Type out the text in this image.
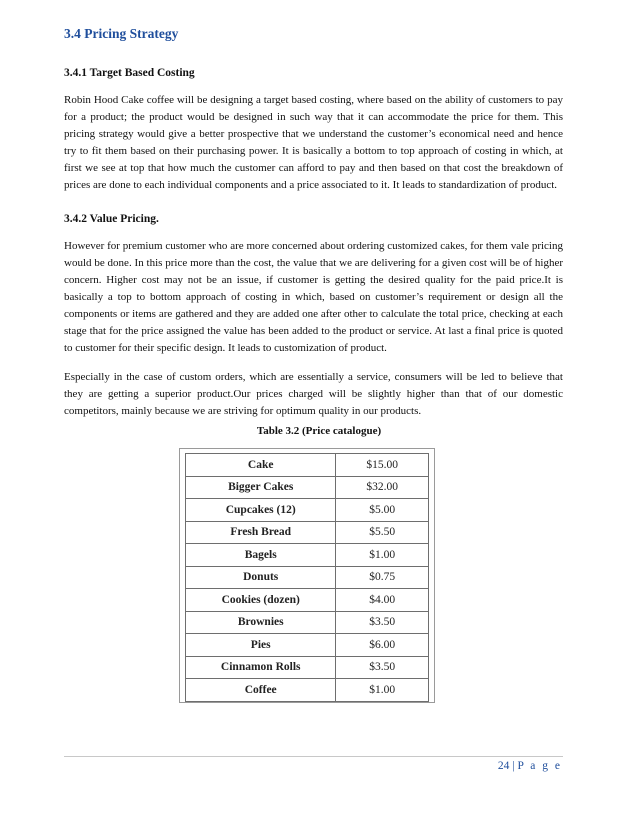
3.4 Pricing Strategy
3.4.1 Target Based Costing
Robin Hood Cake coffee will be designing a target based costing, where based on the ability of customers to pay for a product; the product would be designed in such way that it can accommodate the price for them. This pricing strategy would give a better prospective that we understand the customer’s economical need and hence try to fit them based on their purchasing power. It is basically a bottom to top approach of costing in which, at first we see at top that how much the customer can afford to pay and then based on that cost the breakdown of prices are done to each individual components and a price associated to it. It leads to standardization of product.
3.4.2 Value Pricing.
However for premium customer who are more concerned about ordering customized cakes, for them vale pricing would be done. In this price more than the cost, the value that we are delivering for a given cost will be of higher concern. Higher cost may not be an issue, if customer is getting the desired quality for the paid price.It is basically a top to bottom approach of costing in which, based on customer’s requirement or design all the components or items are gathered and they are added one after other to calculate the total price, checking at each stage that for the price assigned the value has been added to the product or service. At last a final price is quoted to customer for their specific design. It leads to customization of product.
Especially in the case of custom orders, which are essentially a service, consumers will be led to believe that they are getting a superior product.Our prices charged will be slightly higher than that of our domestic competitors, mainly because we are striving for optimum quality in our products.
Table 3.2 (Price catalogue)
Cake	$15.00
Bigger Cakes	$32.00
Cupcakes (12)	$5.00
Fresh Bread	$5.50
Bagels	$1.00
Donuts	$0.75
Cookies (dozen)	$4.00
Brownies	$3.50
Pies	$6.00
Cinnamon Rolls	$3.50
Coffee	$1.00
24 | P a g e
